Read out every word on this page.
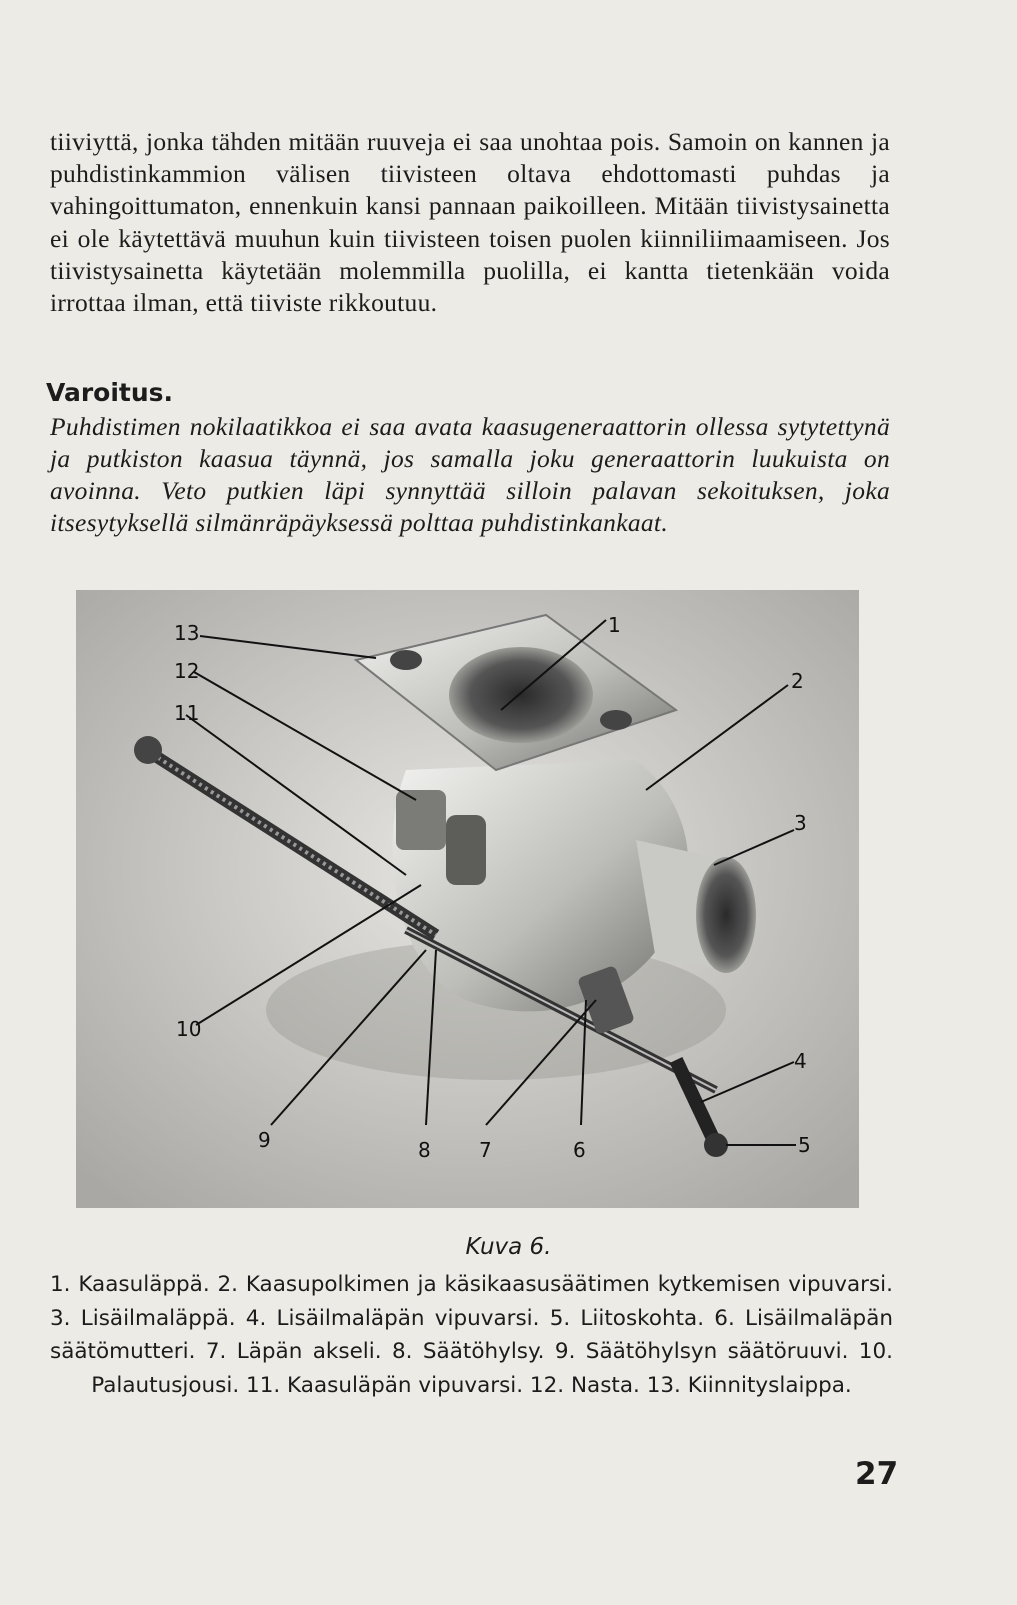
tiiviyttä, jonka tähden mitään ruuveja ei saa unohtaa pois. Samoin on kannen ja puhdistinkammion välisen tiivisteen oltava ehdottomasti puhdas ja vahingoittumaton, ennenkuin kansi pannaan paikoilleen. Mitään tiivistysainetta ei ole käytettävä muuhun kuin tiivisteen toisen puolen kiinniliimaamiseen. Jos tiivistysainetta käytetään molemmilla puolilla, ei kantta tietenkään voida irrottaa ilman, että tiiviste rikkoutuu.
Varoitus.
Puhdistimen nokilaatikkoa ei saa avata kaasugeneraattorin ollessa sytytettynä ja putkiston kaasua täynnä, jos samalla joku generaattorin luukuista on avoinna. Veto putkien läpi synnyttää silloin palavan sekoituksen, joka itsesytyksellä silmänräpäyksessä polttaa puhdistinkankaat.
1
2
3
4
5
6
7
8
9
10
11
12
13
Kuva 6.
1. Kaasuläppä. 2. Kaasupolkimen ja käsikaasusäätimen kytkemisen vipuvarsi. 3. Lisäilmaläppä. 4. Lisäilmaläpän vipuvarsi. 5. Liitoskohta. 6. Lisäilmaläpän säätömutteri. 7. Läpän akseli. 8. Säätöhylsy. 9. Säätöhylsyn säätöruuvi. 10. Palautusjousi. 11. Kaasuläpän vipuvarsi. 12. Nasta. 13. Kiinnityslaippa.
27
